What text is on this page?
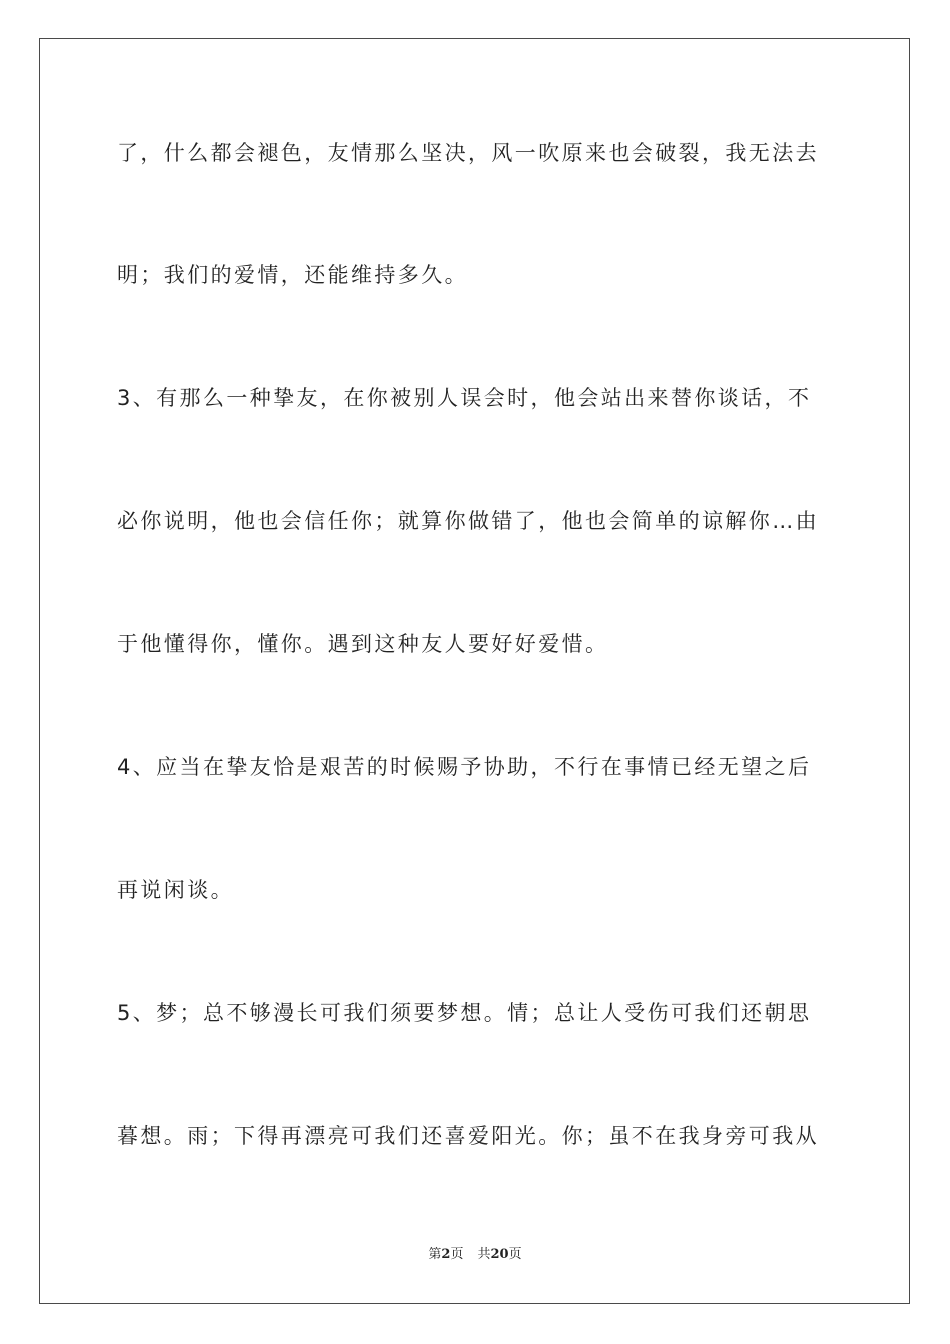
了，什么都会褪色，友情那么坚决，风一吹原来也会破裂，我无法去
明；我们的爱情，还能维持多久。
3、有那么一种挚友，在你被别人误会时，他会站出来替你谈话，不
必你说明，他也会信任你；就算你做错了，他也会简单的谅解你…由
于他懂得你，懂你。遇到这种友人要好好爱惜。
4、应当在挚友恰是艰苦的时候赐予协助，不行在事情已经无望之后
再说闲谈。
5、梦；总不够漫长可我们须要梦想。情；总让人受伤可我们还朝思
暮想。雨；下得再漂亮可我们还喜爱阳光。你；虽不在我身旁可我从
第2页 共20页
